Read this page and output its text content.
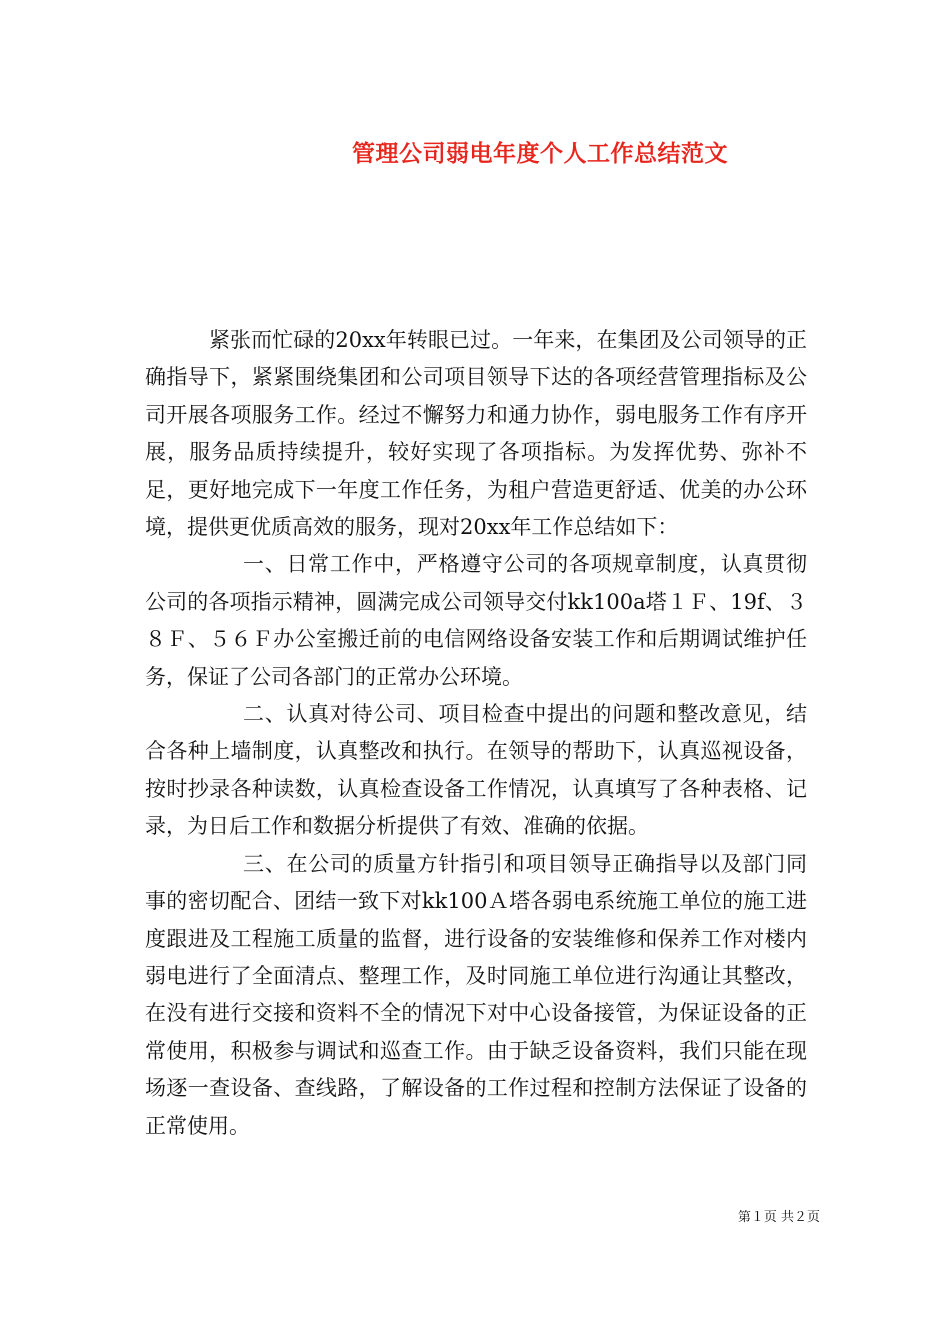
管理公司弱电年度个人工作总结范文

紧张而忙碌的20xx年转眼已过。一年来，在集团及公司领导的正确指导下，紧紧围绕集团和公司项目领导下达的各项经营管理指标及公司开展各项服务工作。经过不懈努力和通力协作，弱电服务工作有序开展，服务品质持续提升，较好实现了各项指标。为发挥优势、弥补不足，更好地完成下一年度工作任务，为租户营造更舒适、优美的办公环境，提供更优质高效的服务，现对20xx年工作总结如下：

一、日常工作中，严格遵守公司的各项规章制度，认真贯彻公司的各项指示精神，圆满完成公司领导交付kk100a塔１Ｆ、19f、３８Ｆ、５６Ｆ办公室搬迁前的电信网络设备安装工作和后期调试维护任务，保证了公司各部门的正常办公环境。

二、认真对待公司、项目检查中提出的问题和整改意见，结合各种上墙制度，认真整改和执行。在领导的帮助下，认真巡视设备，按时抄录各种读数，认真检查设备工作情况，认真填写了各种表格、记录，为日后工作和数据分析提供了有效、准确的依据。

三、在公司的质量方针指引和项目领导正确指导以及部门同事的密切配合、团结一致下对kk100Ａ塔各弱电系统施工单位的施工进度跟进及工程施工质量的监督，进行设备的安装维修和保养工作对楼内弱电进行了全面清点、整理工作，及时同施工单位进行沟通让其整改，在没有进行交接和资料不全的情况下对中心设备接管，为保证设备的正常使用，积极参与调试和巡查工作。由于缺乏设备资料，我们只能在现场逐一查设备、查线路，了解设备的工作过程和控制方法保证了设备的正常使用。

第１页 共２页
